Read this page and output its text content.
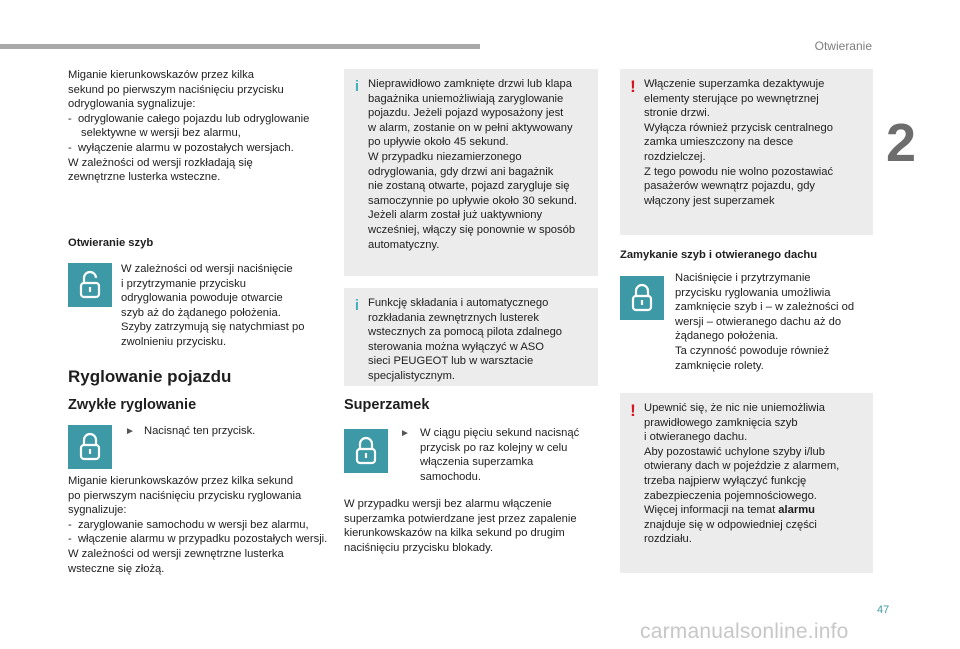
Otwieranie
2
47

Miganie kierunkowskazów przez kilka

sekund po pierwszym naciśnięciu przycisku

odryglowania sygnalizuje:

-  odryglowanie całego pojazdu lub odryglowanie selektywne w wersji bez alarmu,

-  wyłączenie alarmu w pozostałych wersjach.

W zależności od wersji rozkładają się

zewnętrzne lusterka wsteczne.

Otwieranie szyb

W zależności od wersji naciśnięcie

i przytrzymanie przycisku

odryglowania powoduje otwarcie

szyb aż do żądanego położenia.

Szyby zatrzymują się natychmiast po

zwolnieniu przycisku.

Ryglowanie pojazdu
Zwykłe ryglowanie
► Nacisnąć ten przycisk.

Miganie kierunkowskazów przez kilka sekund

po pierwszym naciśnięciu przycisku ryglowania

sygnalizuje:

-  zaryglowanie samochodu w wersji bez alarmu,

-  włączenie alarmu w przypadku pozostałych wersji.

W zależności od wersji zewnętrzne lusterka

wsteczne się złożą.

i Nieprawidłowo zamknięte drzwi lub klapa

bagażnika uniemożliwiają zaryglowanie

pojazdu. Jeżeli pojazd wyposażony jest

w alarm, zostanie on w pełni aktywowany

po upływie około 45 sekund.

W przypadku niezamierzonego

odryglowania, gdy drzwi ani bagażnik

nie zostaną otwarte, pojazd zarygluje się

samoczynnie po upływie około 30 sekund.

Jeżeli alarm został już uaktywniony

wcześniej, włączy się ponownie w sposób

automatyczny.

i Funkcję składania i automatycznego

rozkładania zewnętrznych lusterek

wstecznych za pomocą pilota zdalnego

sterowania można wyłączyć w ASO

sieci PEUGEOT lub w warsztacie

specjalistycznym.

Superzamek
► W ciągu pięciu sekund nacisnąć

przycisk po raz kolejny w celu

włączenia superzamka

samochodu.

W przypadku wersji bez alarmu włączenie

superzamka potwierdzane jest przez zapalenie

kierunkowskazów na kilka sekund po drugim

naciśnięciu przycisku blokady.

! Włączenie superzamka dezaktywuje

elementy sterujące po wewnętrznej

stronie drzwi.

Wyłącza również przycisk centralnego

zamka umieszczony na desce

rozdzielczej.

Z tego powodu nie wolno pozostawiać

pasażerów wewnątrz pojazdu, gdy

włączony jest superzamek

Zamykanie szyb i otwieranego dachu

Naciśnięcie i przytrzymanie

przycisku ryglowania umożliwia

zamknięcie szyb i – w zależności od

wersji – otwieranego dachu aż do

żądanego położenia.

Ta czynność powoduje również

zamknięcie rolety.

! Upewnić się, że nic nie uniemożliwia

prawidłowego zamknięcia szyb

i otwieranego dachu.

Aby pozostawić uchylone szyby i/lub

otwierany dach w pojeździe z alarmem,

trzeba najpierw wyłączyć funkcję

zabezpieczenia pojemnościowego.

Więcej informacji na temat alarmu

znajduje się w odpowiedniej części

rozdziału.

carmanualsonline.info
